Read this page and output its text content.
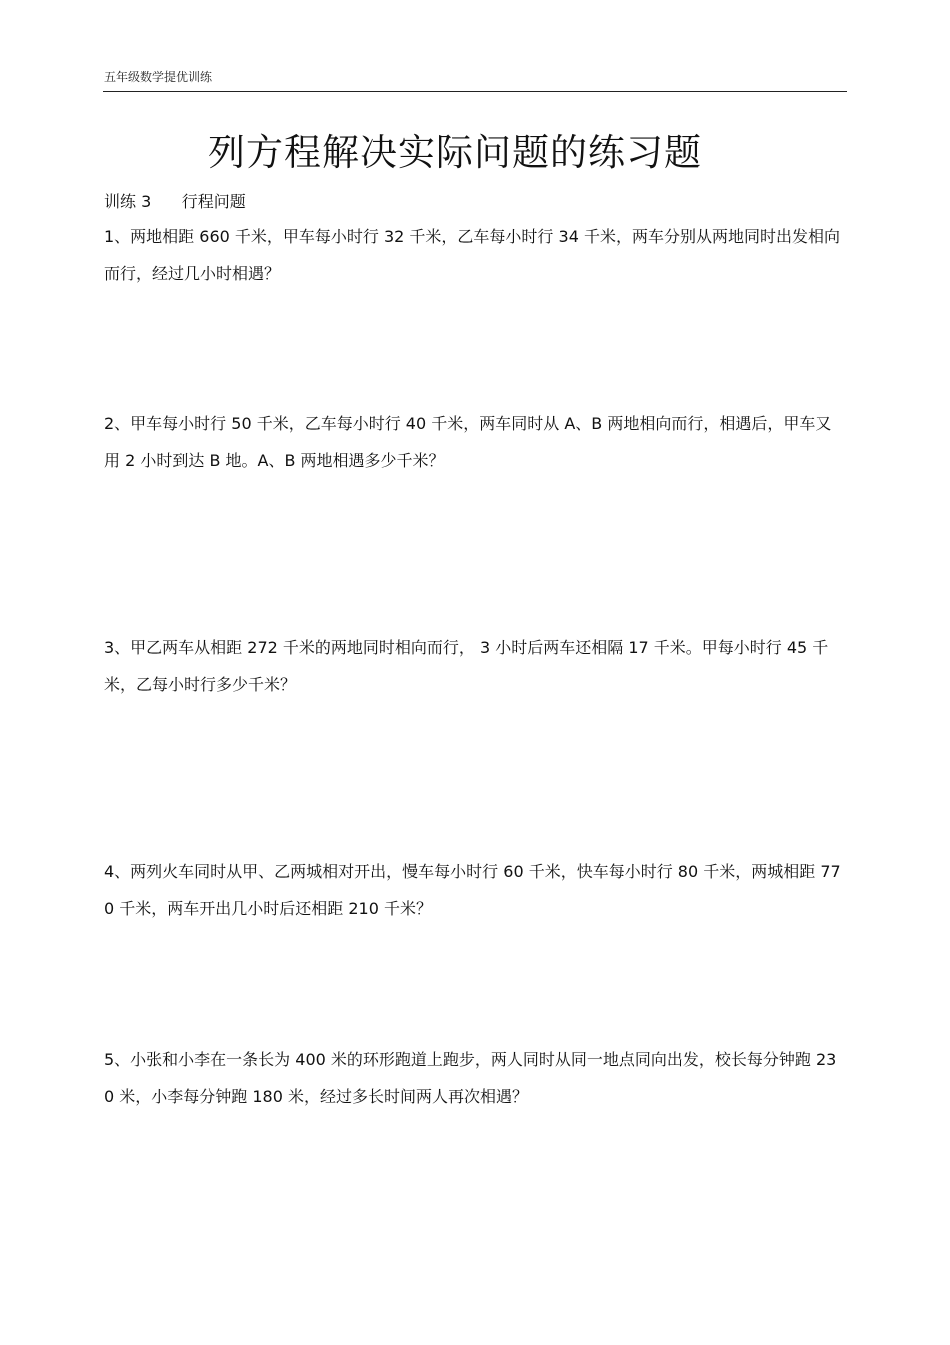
五年级数学提优训练
列方程解决实际问题的练习题
训练 3      行程问题

1、两地相距 660 千米，甲车每小时行 32 千米，乙车每小时行 34 千米，两车分别从两地同时出发相向而行，经过几小时相遇？

2、甲车每小时行 50 千米，乙车每小时行 40 千米，两车同时从 A、B 两地相向而行，相遇后，甲车又用 2 小时到达 B 地。A、B 两地相遇多少千米？

3、甲乙两车从相距 272 千米的两地同时相向而行， 3 小时后两车还相隔 17 千米。甲每小时行 45 千米，乙每小时行多少千米？

4、两列火车同时从甲、乙两城相对开出，慢车每小时行 60 千米，快车每小时行 80 千米，两城相距 770 千米，两车开出几小时后还相距 210 千米？

5、小张和小李在一条长为 400 米的环形跑道上跑步，两人同时从同一地点同向出发，校长每分钟跑 230 米，小李每分钟跑 180 米，经过多长时间两人再次相遇？
